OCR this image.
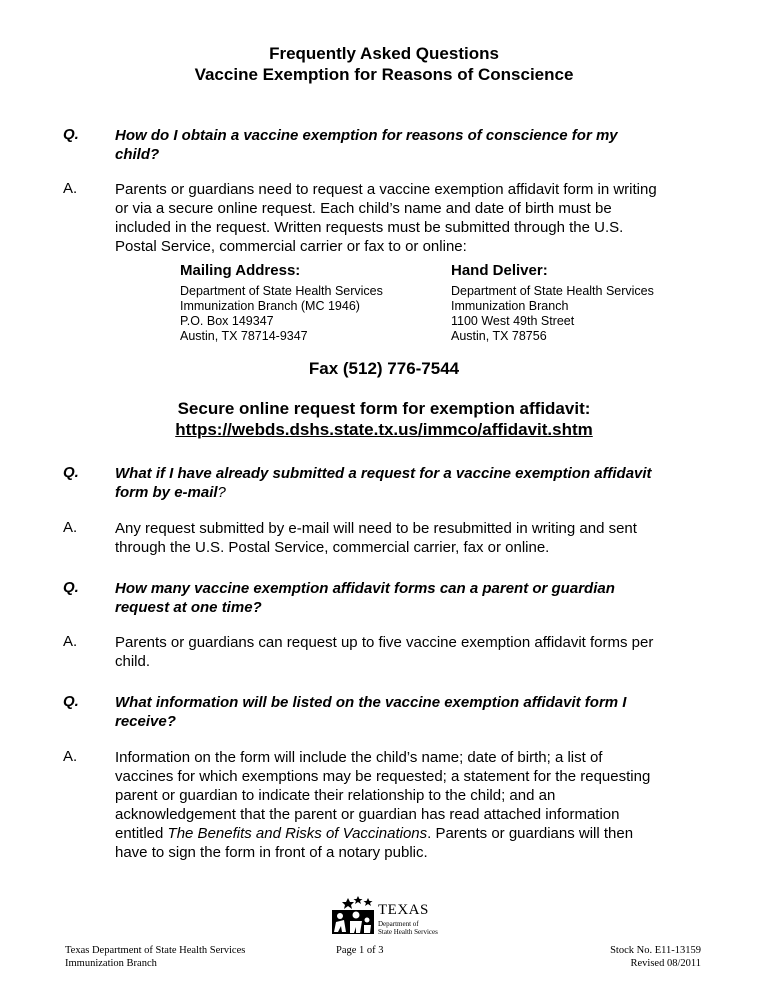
Frequently Asked Questions
Vaccine Exemption for Reasons of Conscience
Q.	How do I obtain a vaccine exemption for reasons of conscience for my child?
A.	Parents or guardians need to request a vaccine exemption affidavit form in writing or via a secure online request. Each child’s name and date of birth must be included in the request. Written requests must be submitted through the U.S. Postal Service, commercial carrier or fax to or online:
Mailing Address:
Department of State Health Services
Immunization Branch (MC 1946)
P.O. Box 149347
Austin, TX 78714-9347
Hand Deliver:
Department of State Health Services
Immunization Branch
1100 West 49th Street
Austin, TX 78756
Fax (512) 776-7544
Secure online request form for exemption affidavit:
https://webds.dshs.state.tx.us/immco/affidavit.shtm
Q.	What if I have already submitted a request for a vaccine exemption affidavit form by e-mail?
A.	Any request submitted by e-mail will need to be resubmitted in writing and sent through the U.S. Postal Service, commercial carrier, fax or online.
Q.	How many vaccine exemption affidavit forms can a parent or guardian request at one time?
A.	Parents or guardians can request up to five vaccine exemption affidavit forms per child.
Q.	What information will be listed on the vaccine exemption affidavit form I receive?
A.	Information on the form will include the child’s name; date of birth; a list of vaccines for which exemptions may be requested; a statement for the requesting parent or guardian to indicate their relationship to the child; and an acknowledgement that the parent or guardian has read attached information entitled The Benefits and Risks of Vaccinations. Parents or guardians will then have to sign the form in front of a notary public.
TEXAS
Department of
State Health Services
Texas Department of State Health Services
Immunization Branch
Page 1 of 3	Stock No. E11-13159
Revised 08/2011
